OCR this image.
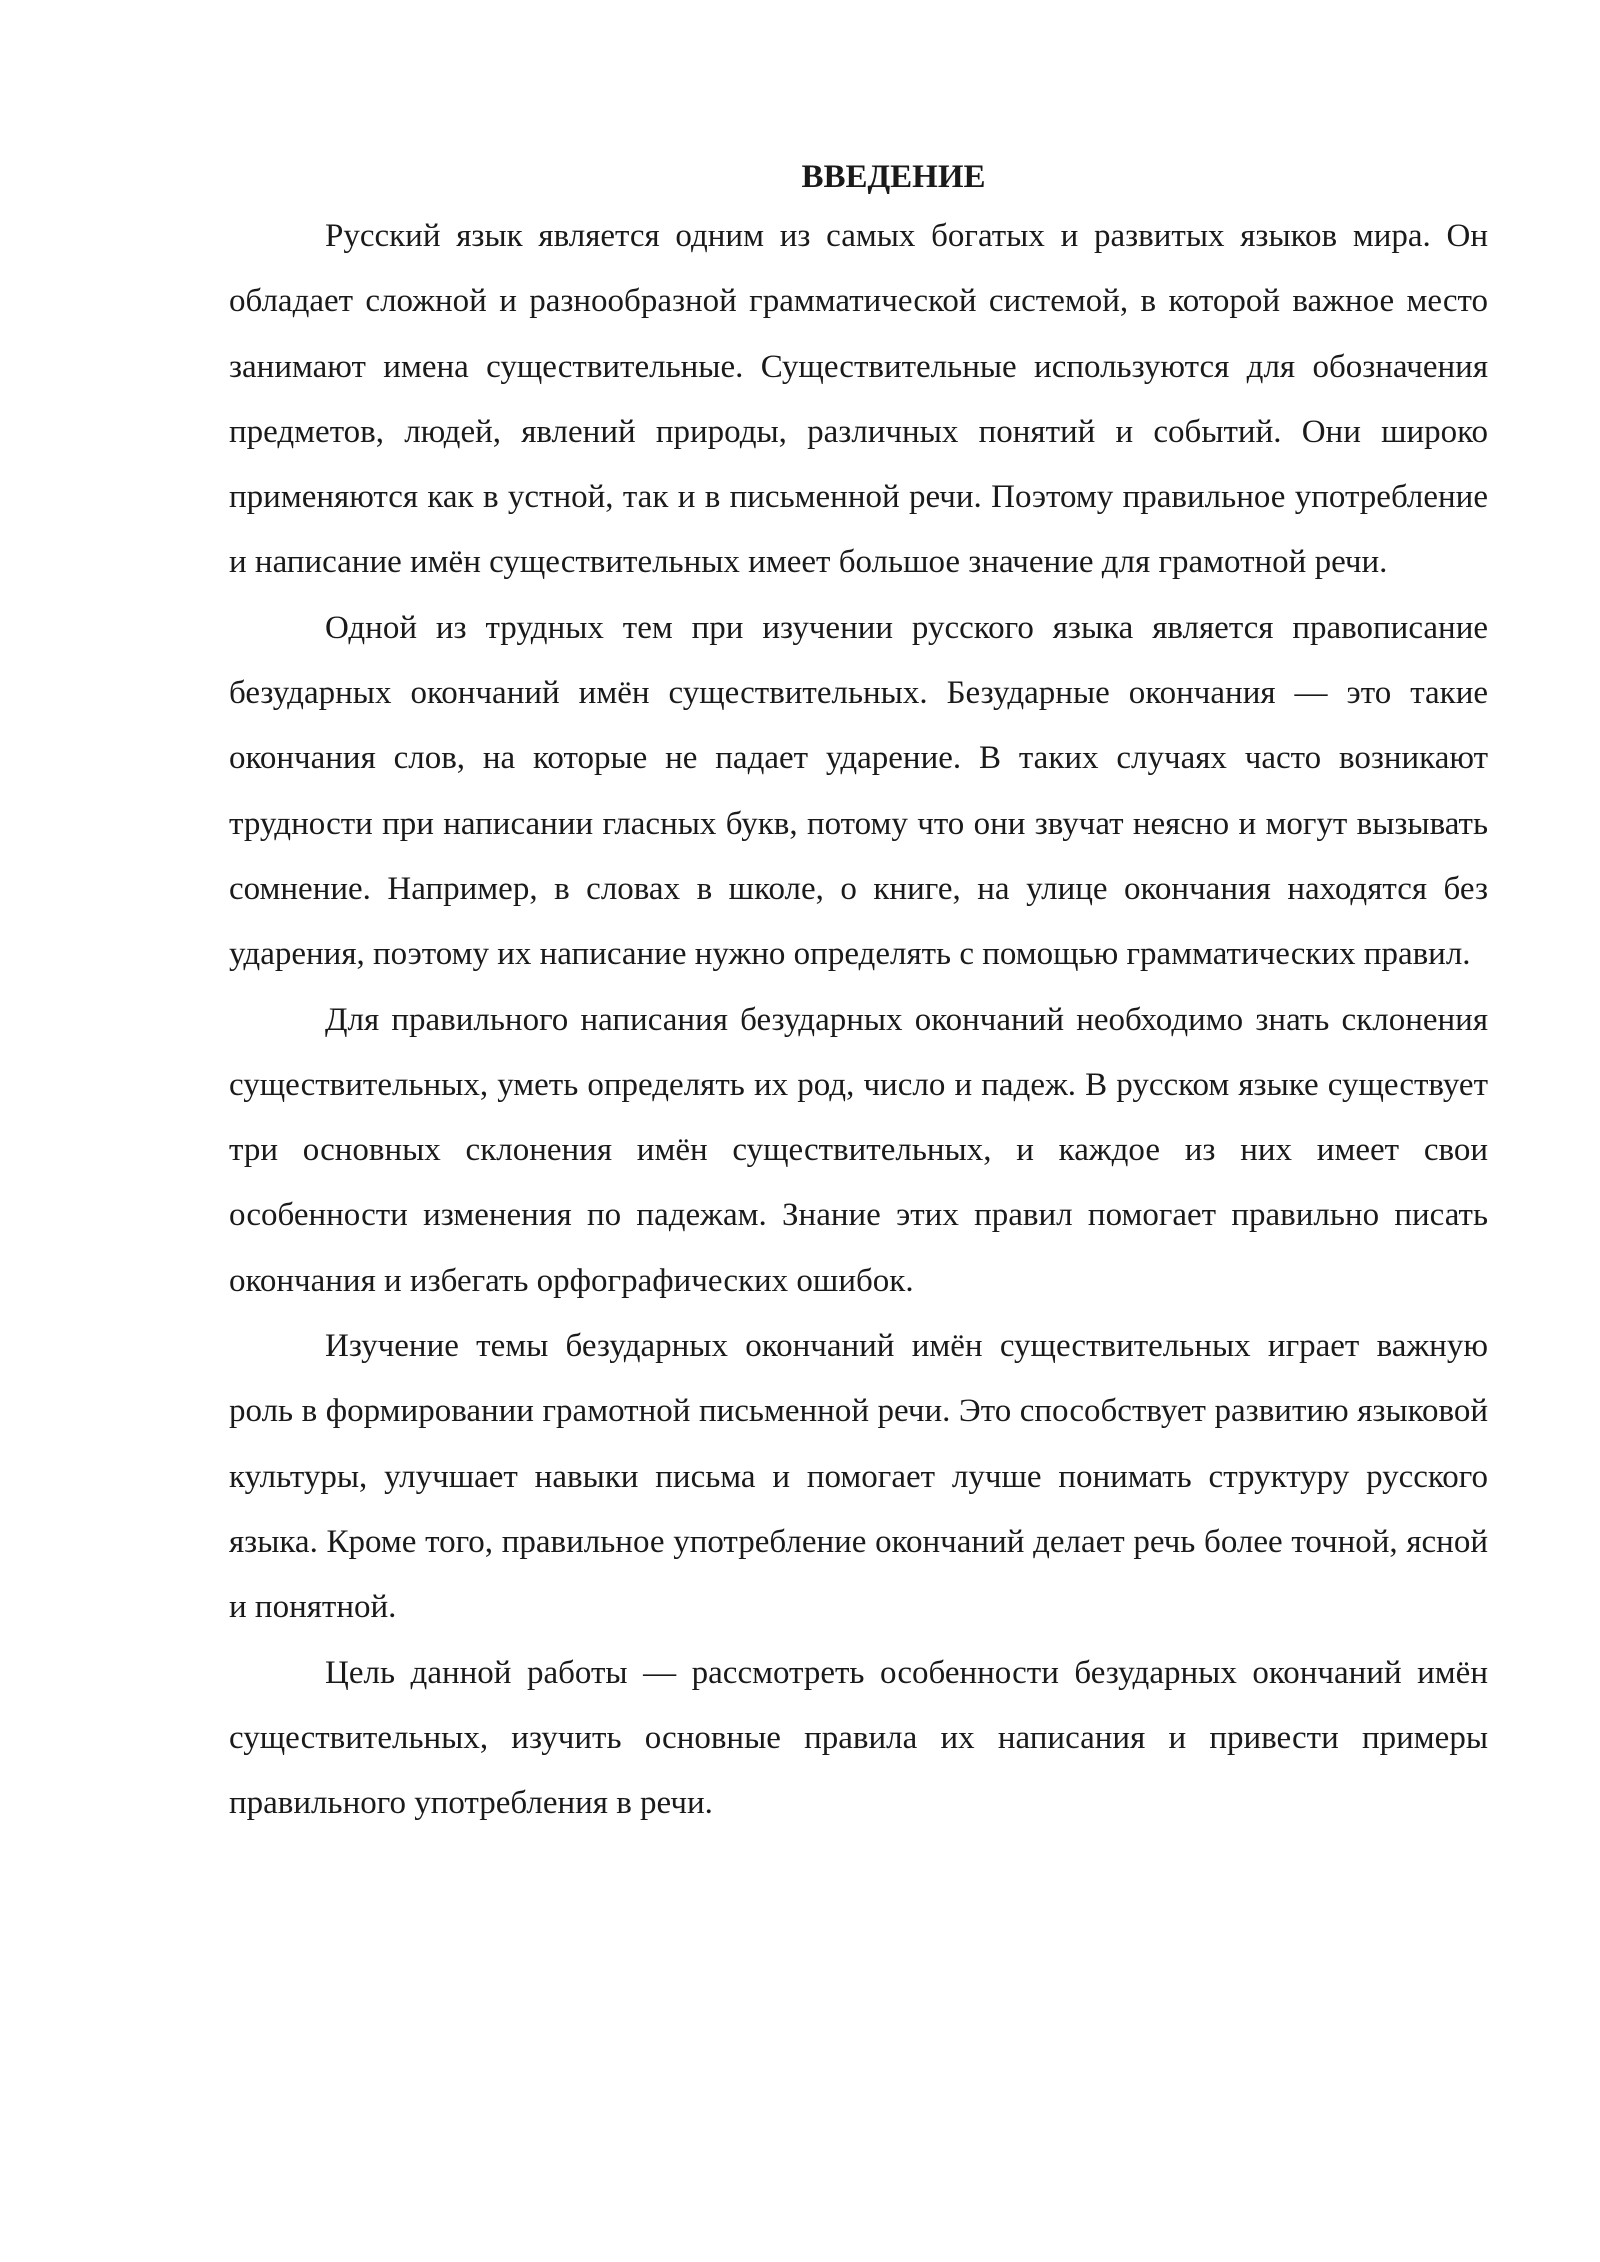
ВВЕДЕНИЕ

Русский язык является одним из самых богатых и развитых языков мира. Он обладает сложной и разнообразной грамматической системой, в которой важное место занимают имена существительные. Существительные используются для обозначения предметов, людей, явлений природы, различных понятий и событий. Они широко применяются как в устной, так и в письменной речи. Поэтому правильное употребление и написание имён существительных имеет большое значение для грамотной речи.

Одной из трудных тем при изучении русского языка является правописание безударных окончаний имён существительных. Безударные окончания — это такие окончания слов, на которые не падает ударение. В таких случаях часто возникают трудности при написании гласных букв, потому что они звучат неясно и могут вызывать сомнение. Например, в словах в школе, о книге, на улице окончания находятся без ударения, поэтому их написание нужно определять с помощью грамматических правил.

Для правильного написания безударных окончаний необходимо знать склонения существительных, уметь определять их род, число и падеж. В русском языке существует три основных склонения имён существительных, и каждое из них имеет свои особенности изменения по падежам. Знание этих правил помогает правильно писать окончания и избегать орфографических ошибок.

Изучение темы безударных окончаний имён существительных играет важную роль в формировании грамотной письменной речи. Это способствует развитию языковой культуры, улучшает навыки письма и помогает лучше понимать структуру русского языка. Кроме того, правильное употребление окончаний делает речь более точной, ясной и понятной.

Цель данной работы — рассмотреть особенности безударных окончаний имён существительных, изучить основные правила их написания и привести примеры правильного употребления в речи.
